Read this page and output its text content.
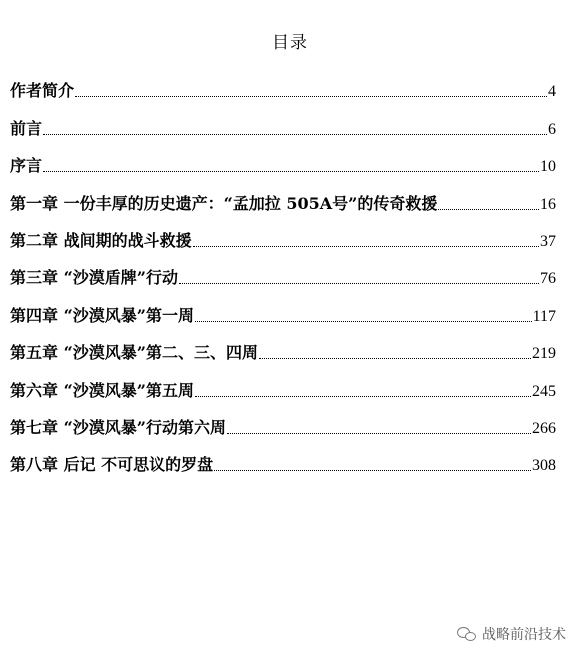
目录
作者简介	4
前言	6
序言	10
第一章 一份丰厚的历史遗产：“孟加拉 505A号”的传奇救援	16
第二章 战间期的战斗救援	37
第三章 “沙漠盾牌”行动	76
第四章 “沙漠风暴”第一周	117
第五章 “沙漠风暴”第二、三、四周	219
第六章 “沙漠风暴”第五周	245
第七章 “沙漠风暴”行动第六周	266
第八章 后记 不可思议的罗盘	308
战略前沿技术
